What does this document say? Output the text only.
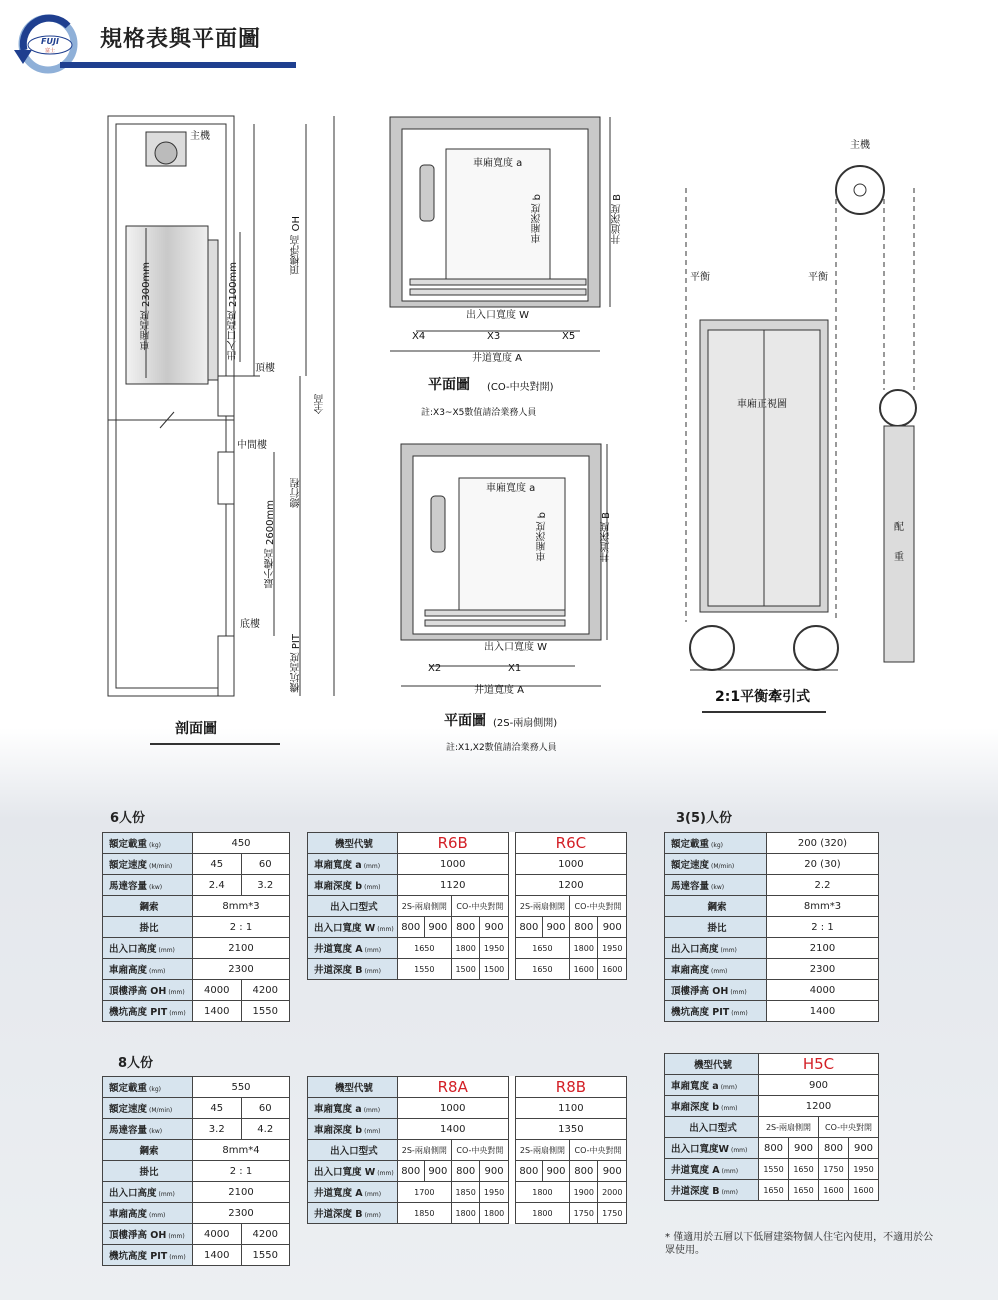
FUJI
富士 規格表與平面圖
主機
頂樓
中間樓
底樓
車廂高度 2300mm	出入口高度 2100mm
最小樓高 2600mm
頂樓淨高 OH
總行程
全高
機坑高度 PIT
剖面圖
車廂寬度 a
車廂深度 b	井道深度 B
出入口寬度 W
X4	X3	X5
井道寬度 A
平面圖 (CO-中央對開)
註:X3~X5數值請洽業務人員
車廂寬度 a
車廂深度 b	井道深度 B
出入口寬度 W
X2	X1
井道寬度 A
平面圖 (2S-兩扇側開)
註:X1,X2數值請洽業務人員
主機
平衡	平衡
車廂正視圖
配
重
2:1平衡牽引式
6人份
額定載重 (kg)	450	
額定速度 (M/min)	45	60
馬達容量 (kw)	2.4	3.2
鋼索	8mm*3	
掛比	2 : 1	
出入口高度 (mm)	2100	
車廂高度 (mm)	2300	
頂樓淨高 OH (mm)	4000	4200
機坑高度 PIT (mm)	1400	1550
機型代號	R6B					R6C			
車廂寬度 a (mm)	1000					1000			
車廂深度 b (mm)	1120					1200			
出入口型式	2S-兩扇側開		CO-中央對開			2S-兩扇側開		CO-中央對開	
出入口寬度 W (mm)	800	900	800	900		800	900	800	900
井道寬度 A (mm)	1650		1800	1950		1650		1800	1950
井道深度 B (mm)	1550		1500	1500		1650		1600	1600
8人份
額定載重 (kg)	550	
額定速度 (M/min)	45	60
馬達容量 (kw)	3.2	4.2
鋼索	8mm*4	
掛比	2 : 1	
出入口高度 (mm)	2100	
車廂高度 (mm)	2300	
頂樓淨高 OH (mm)	4000	4200
機坑高度 PIT (mm)	1400	1550
機型代號	R8A					R8B			
車廂寬度 a (mm)	1000					1100			
車廂深度 b (mm)	1400					1350			
出入口型式	2S-兩扇側開		CO-中央對開			2S-兩扇側開		CO-中央對開	
出入口寬度 W (mm)	800	900	800	900		800	900	800	900
井道寬度 A (mm)	1700		1850	1950		1800		1900	2000
井道深度 B (mm)	1850		1800	1800		1800		1750	1750
3(5)人份
額定載重 (kg)	200 (320)
額定速度 (M/min)	20 (30)
馬達容量 (kw)	2.2
鋼索	8mm*3
掛比	2 : 1
出入口高度 (mm)	2100
車廂高度 (mm)	2300
頂樓淨高 OH (mm)	4000
機坑高度 PIT (mm)	1400
機型代號	H5C			
車廂寬度 a (mm)	900			
車廂深度 b (mm)	1200			
出入口型式	2S-兩扇側開		CO-中央對開	
出入口寬度W (mm)	800	900	800	900
井道寬度 A (mm)	1550	1650	1750	1950
井道深度 B (mm)	1650	1650	1600	1600
* 僅適用於五層以下低層建築物個人住宅內使用，不適用於公眾使用。
